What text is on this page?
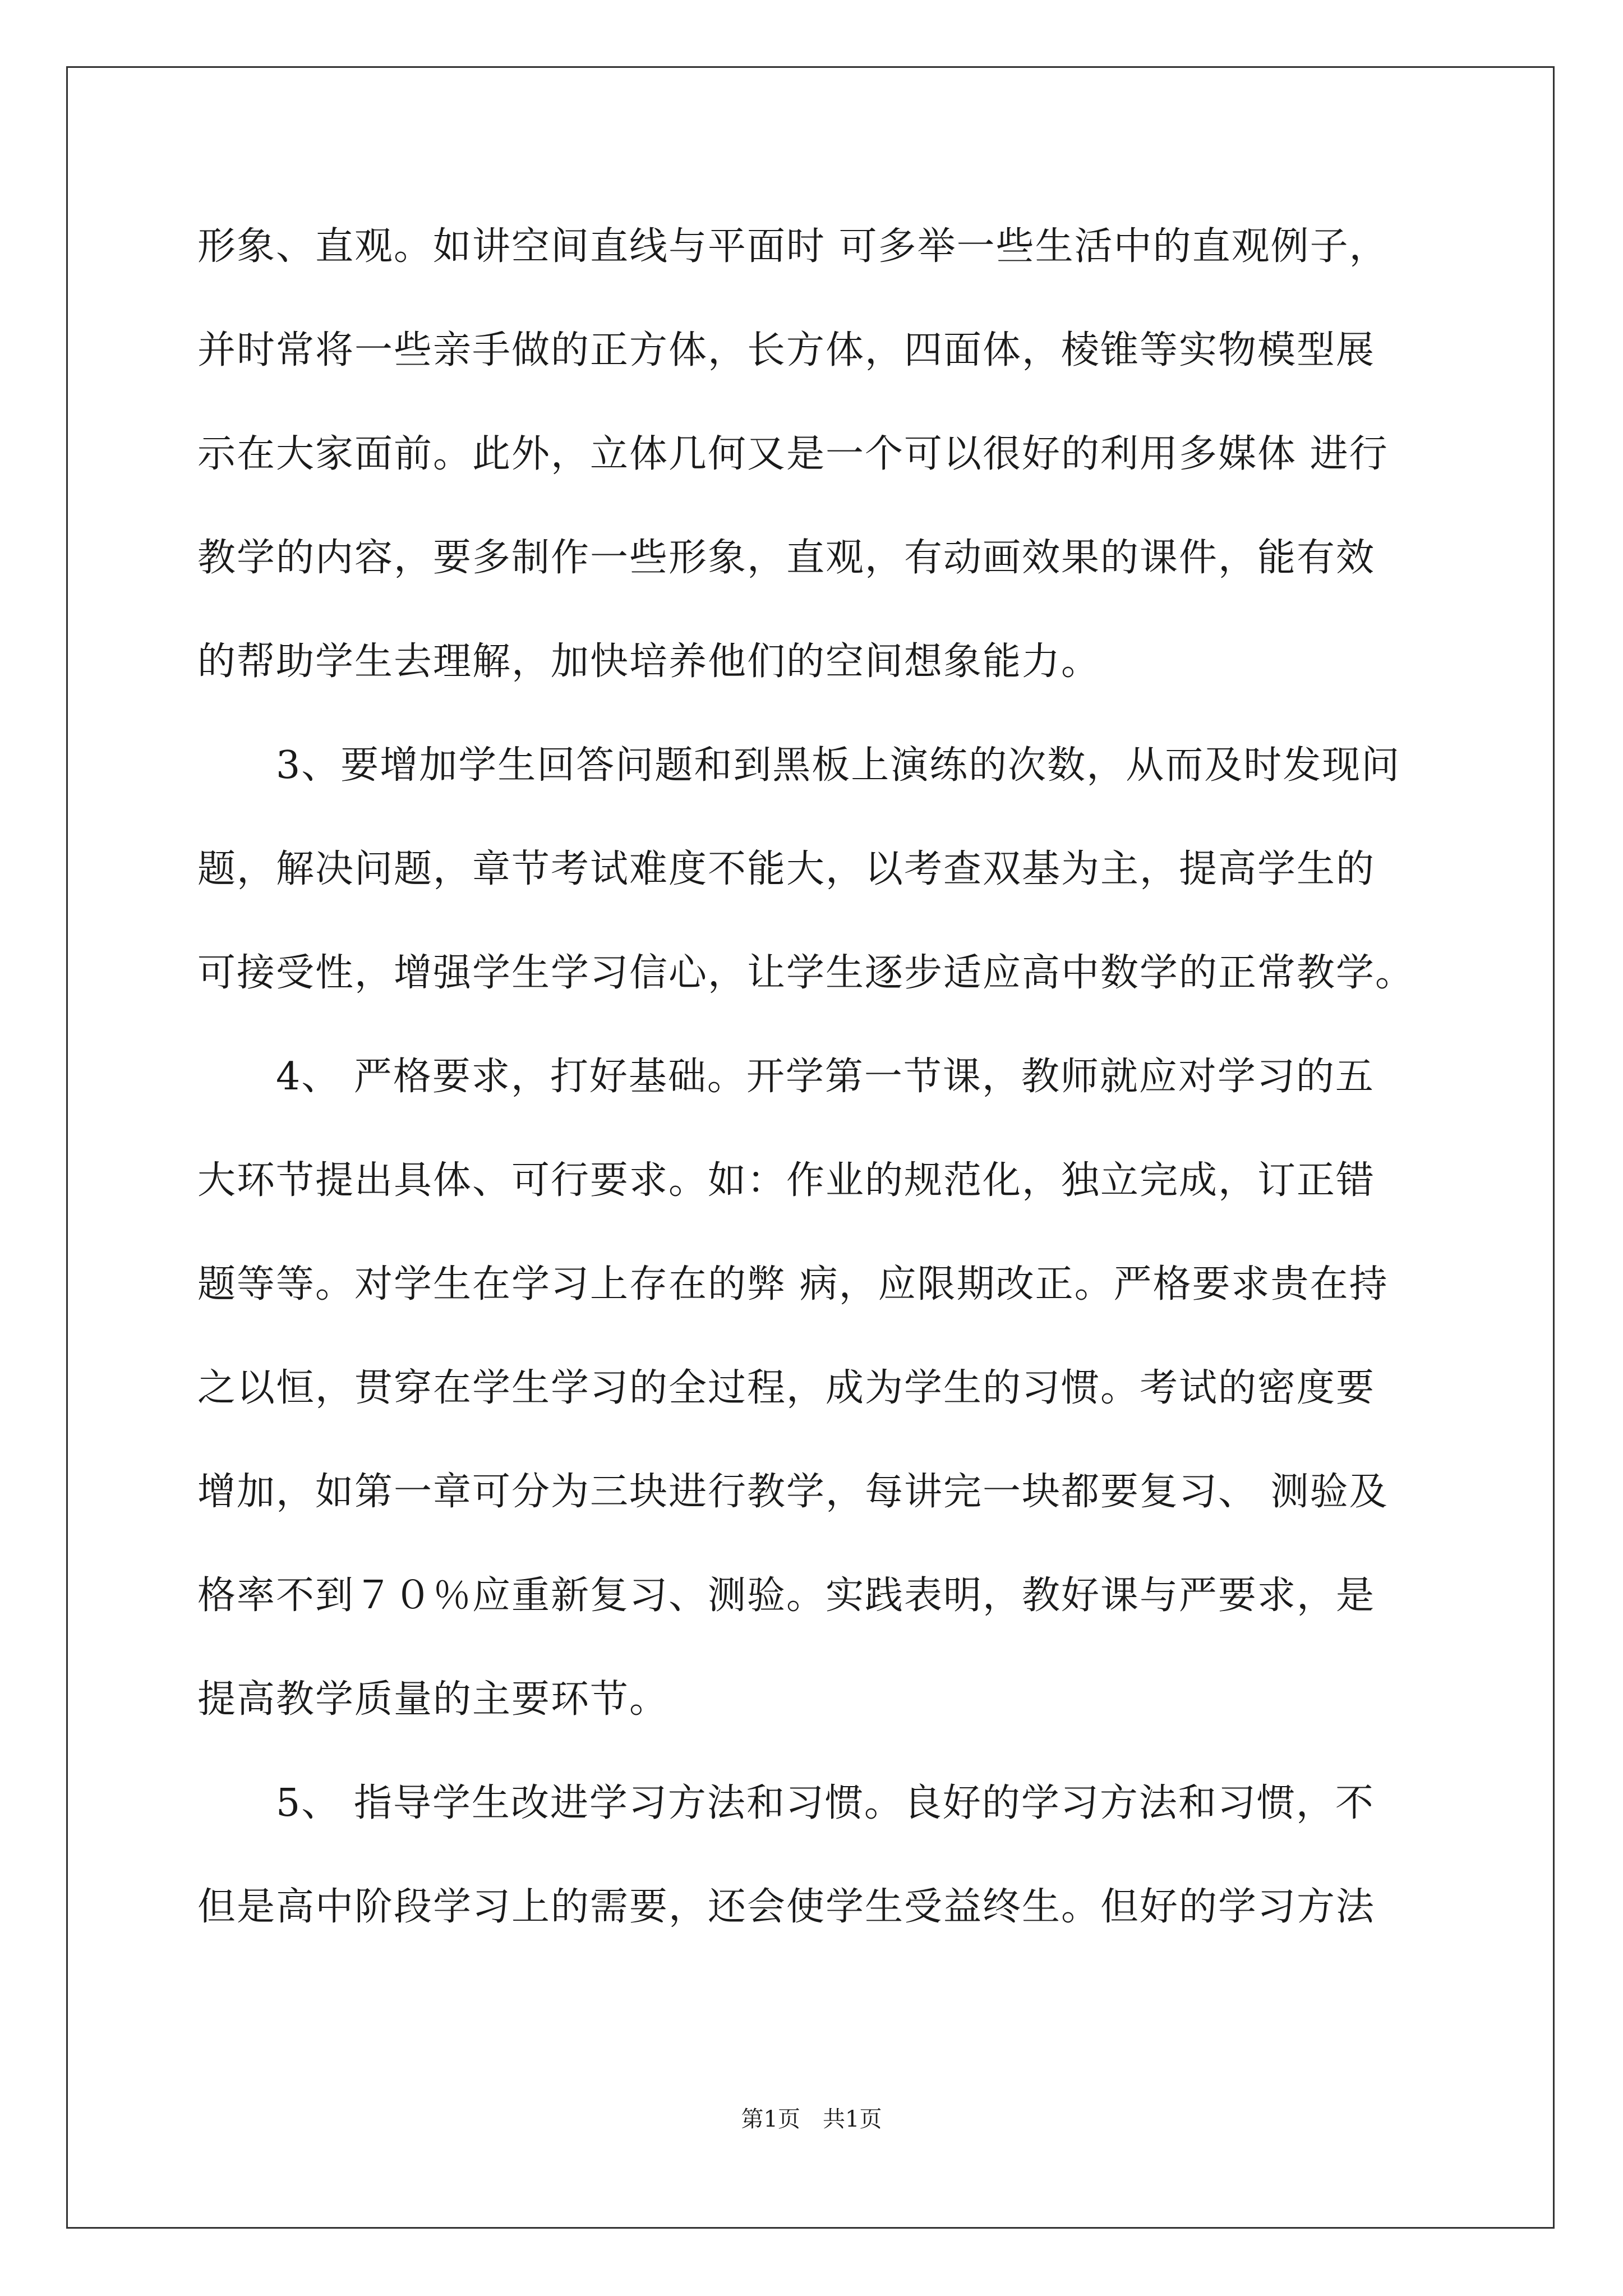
形象、直观。如讲空间直线与平面时 可多举一些生活中的直观例子，
并时常将一些亲手做的正方体，长方体，四面体，棱锥等实物模型展
示在大家面前。此外，立体几何又是一个可以很好的利用多媒体 进行
教学的内容，要多制作一些形象，直观，有动画效果的课件，能有效
的帮助学生去理解，加快培养他们的空间想象能力。
　　3、要增加学生回答问题和到黑板上演练的次数，从而及时发现问
题，解决问题，章节考试难度不能大，以考查双基为主，提高学生的
可接受性，增强学生学习信心，让学生逐步适应高中数学的正常教学。
　　4、 严格要求，打好基础。开学第一节课，教师就应对学习的五
大环节提出具体、可行要求。如：作业的规范化，独立完成，订正错
题等等。对学生在学习上存在的弊 病，应限期改正。严格要求贵在持
之以恒，贯穿在学生学习的全过程，成为学生的习惯。考试的密度要
增加，如第一章可分为三块进行教学，每讲完一块都要复习、 测验及
格率不到７０％应重新复习、测验。实践表明，教好课与严要求，是
提高教学质量的主要环节。
　　5、 指导学生改进学习方法和习惯。良好的学习方法和习惯，不
但是高中阶段学习上的需要，还会使学生受益终生。但好的学习方法
第1页　共1页
